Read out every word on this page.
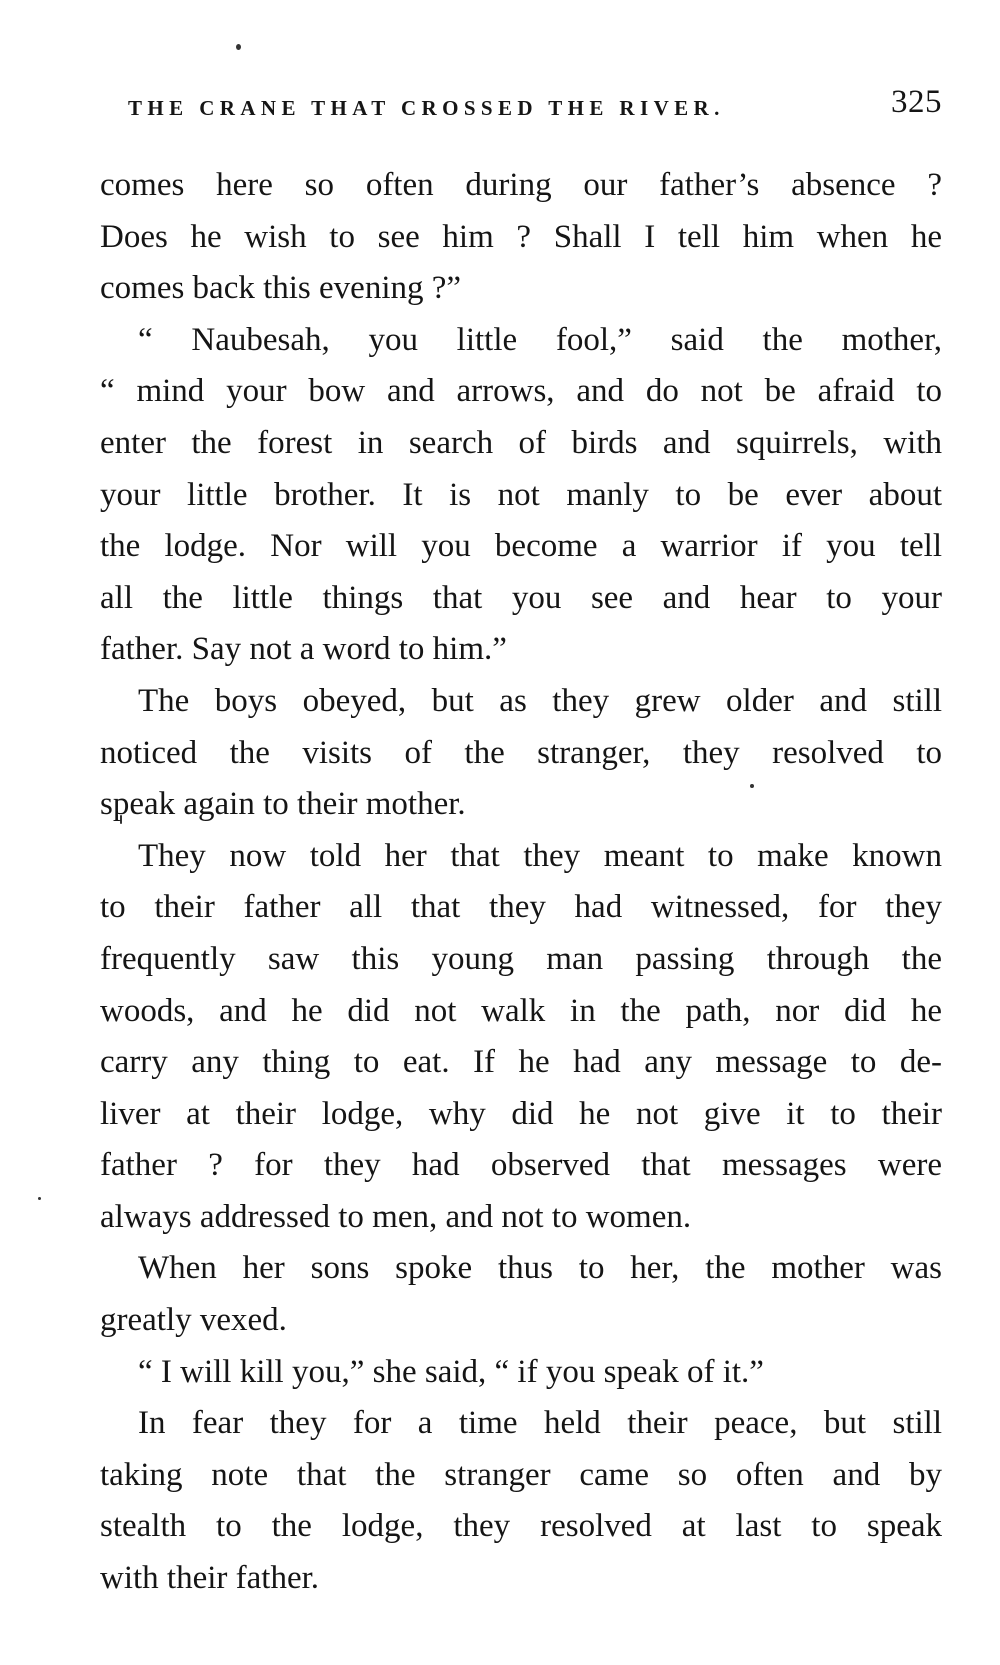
THE CRANE THAT CROSSED THE RIVER.	325
comes here so often during our father’s absence ?
Does he wish to see him ? Shall I tell him when he
comes back this evening ?”
“ Naubesah, you little fool,” said the mother,
“ mind your bow and arrows, and do not be afraid to
enter the forest in search of birds and squirrels, with
your little brother. It is not manly to be ever about
the lodge. Nor will you become a warrior if you tell
all the little things that you see and hear to your
father. Say not a word to him.”
The boys obeyed, but as they grew older and still
noticed the visits of the stranger, they resolved to
speak again to their mother.
They now told her that they meant to make known
to their father all that they had witnessed, for they
frequently saw this young man passing through the
woods, and he did not walk in the path, nor did he
carry any thing to eat. If he had any message to de-
liver at their lodge, why did he not give it to their
father ? for they had observed that messages were
always addressed to men, and not to women.
When her sons spoke thus to her, the mother was
greatly vexed.
“ I will kill you,” she said, “ if you speak of it.”
In fear they for a time held their peace, but still
taking note that the stranger came so often and by
stealth to the lodge, they resolved at last to speak
with their father.
